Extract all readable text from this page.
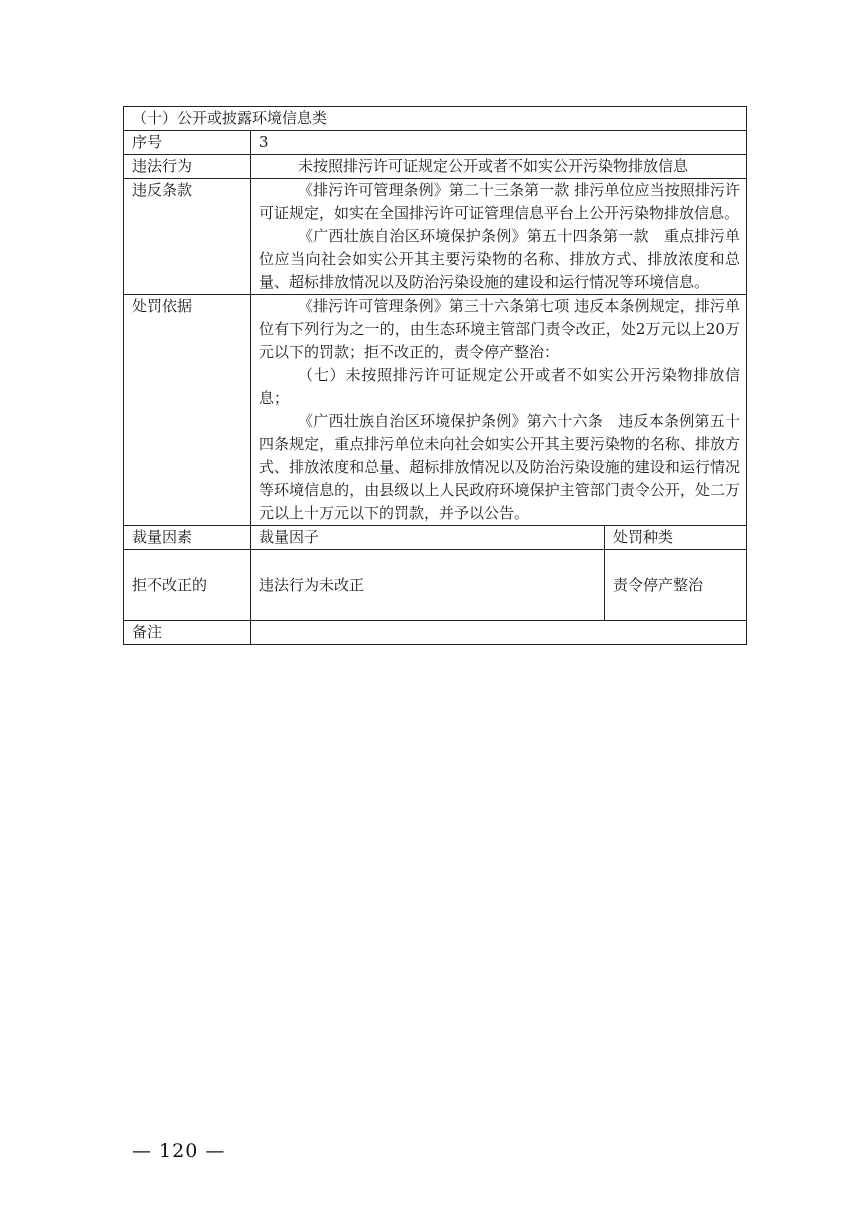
（十）公开或披露环境信息类		
序号	3	
违法行为	未按照排污许可证规定公开或者不如实公开污染物排放信息	

违反条款	《排污许可管理条例》第二十三条第一款 排污单位应当按照排污许可证规定，如实在全国排污许可证管理信息平台上公开污染物排放信息。

《广西壮族自治区环境保护条例》第五十四条第一款　重点排污单位应当向社会如实公开其主要污染物的名称、排放方式、排放浓度和总量、超标排放情况以及防治污染设施的建设和运行情况等环境信息。	

处罚依据	《排污许可管理条例》第三十六条第七项 违反本条例规定，排污单位有下列行为之一的，由生态环境主管部门责令改正，处2万元以上20万元以下的罚款；拒不改正的，责令停产整治：

（七）未按照排污许可证规定公开或者不如实公开污染物排放信息；

《广西壮族自治区环境保护条例》第六十六条　违反本条例第五十四条规定，重点排污单位未向社会如实公开其主要污染物的名称、排放方式、排放浓度和总量、超标排放情况以及防治污染设施的建设和运行情况等环境信息的，由县级以上人民政府环境保护主管部门责令公开，处二万元以上十万元以下的罚款，并予以公告。	

裁量因素	裁量因子	处罚种类
拒不改正的	违法行为未改正	责令停产整治
备注		
— 120 —
